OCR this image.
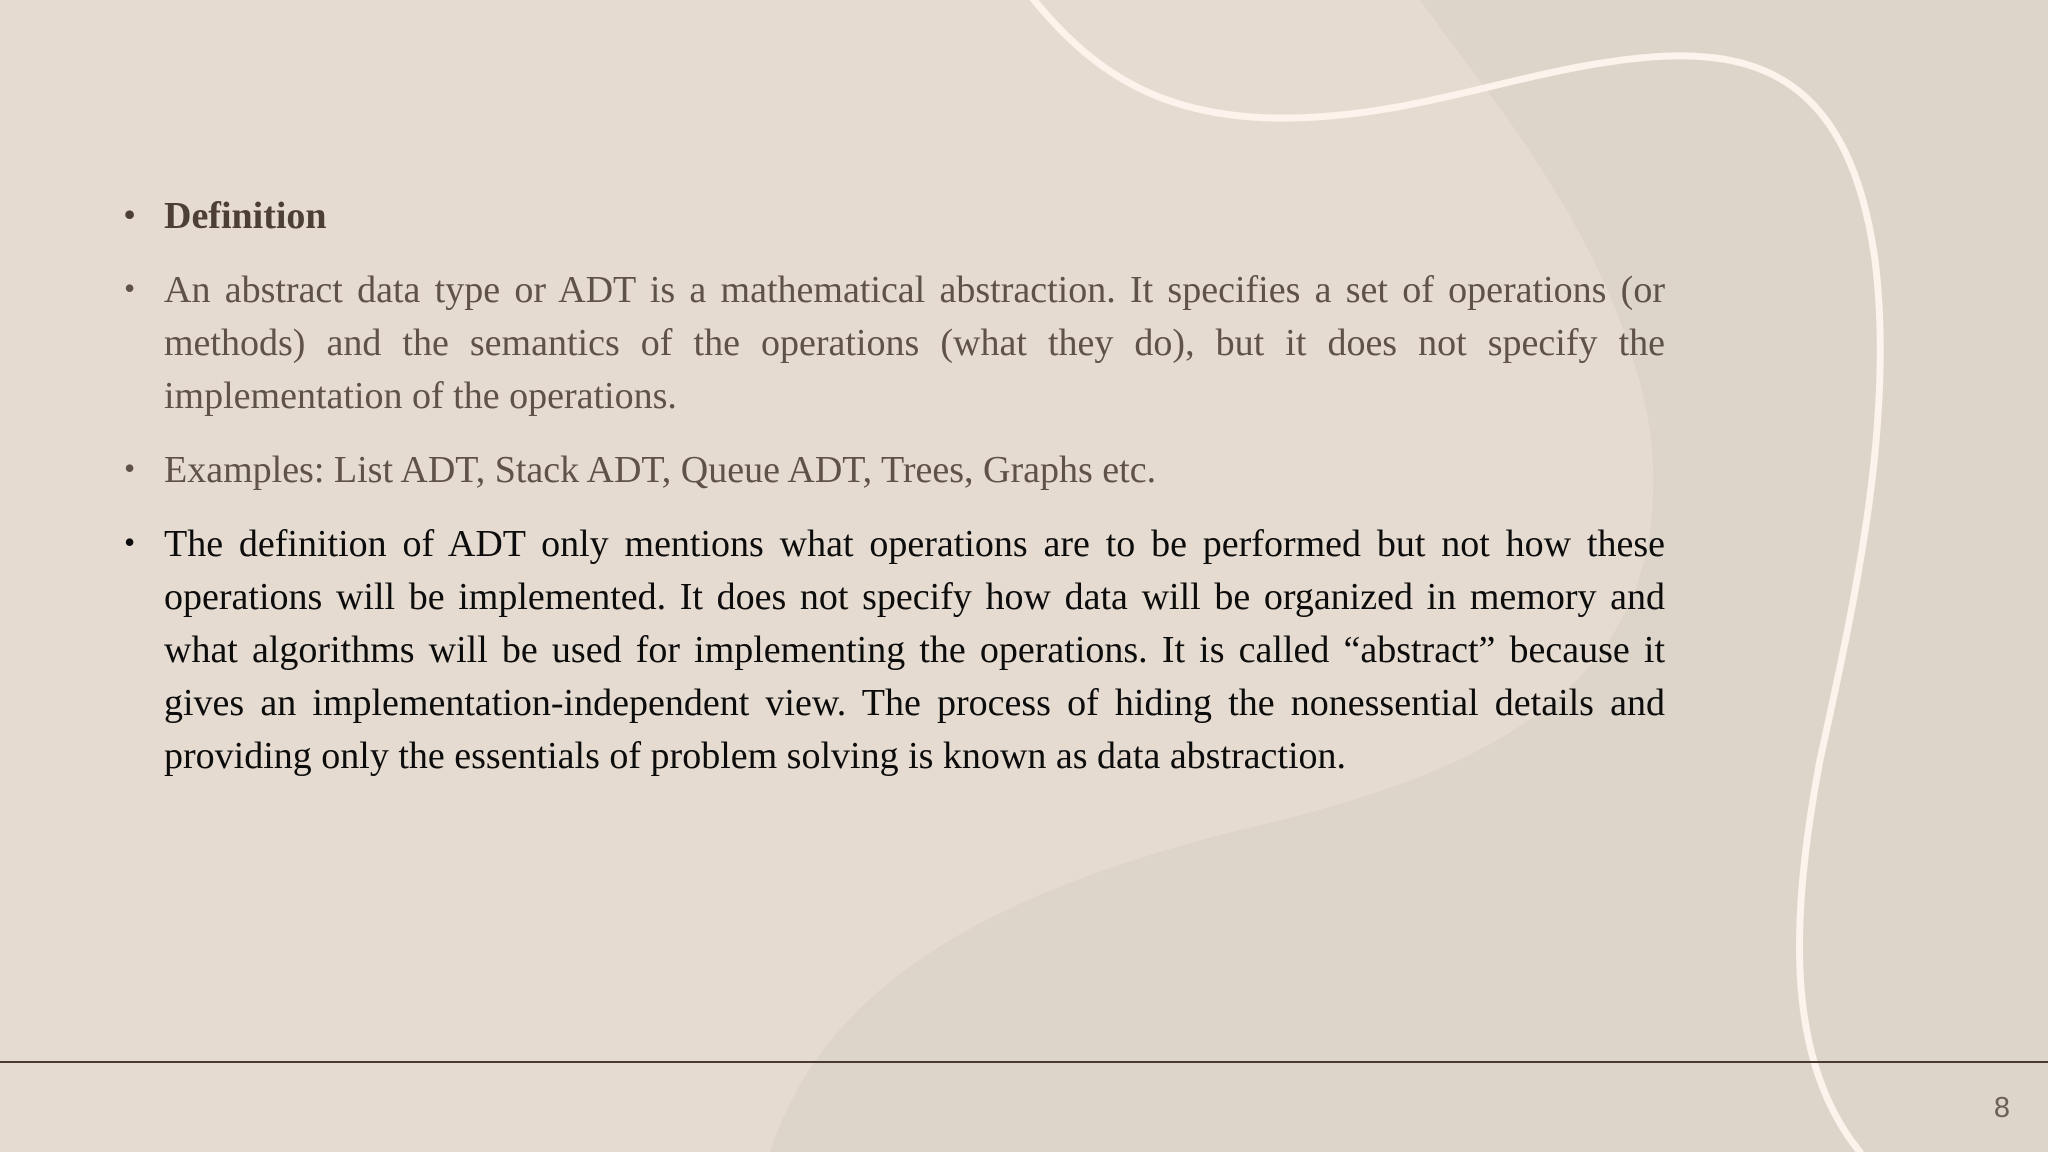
• Definition
• An abstract data type or ADT is a mathematical abstraction. It specifies a set of operations (or methods) and the semantics of the operations (what they do), but it does not specify the implementation of the operations.
• Examples: List ADT, Stack ADT, Queue ADT, Trees, Graphs etc.
• The definition of ADT only mentions what operations are to be performed but not how these operations will be implemented. It does not specify how data will be organized in memory and what algorithms will be used for implementing the operations. It is called “abstract” because it gives an implementation-independent view. The process of hiding the nonessential details and providing only the essentials of problem solving is known as data abstraction.
8
